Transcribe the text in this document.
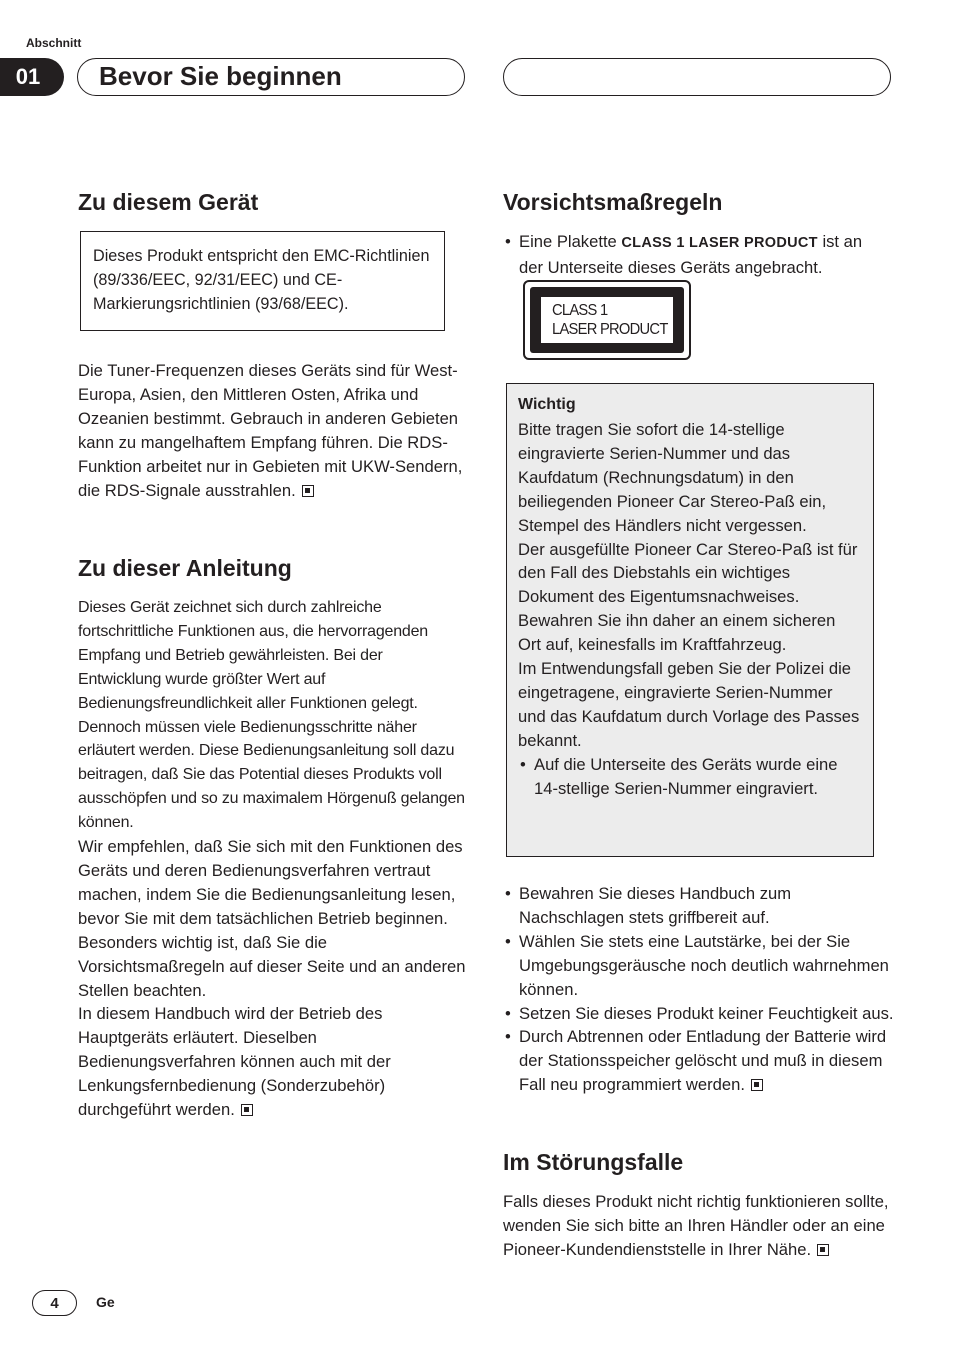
Abschnitt
01	Bevor Sie beginnen
Zu diesem Gerät

Dieses Produkt entspricht den EMC-Richtlinien (89/336/EEC, 92/31/EEC) und CE-Markierungsrichtlinien (93/68/EEC).

Die Tuner-Frequenzen dieses Geräts sind für West-Europa, Asien, den Mittleren Osten, Afrika und Ozeanien bestimmt. Gebrauch in anderen Gebieten kann zu mangelhaftem Empfang führen. Die RDS-Funktion arbeitet nur in Gebieten mit UKW-Sendern, die RDS-Signale ausstrahlen.

Zu dieser Anleitung

Dieses Gerät zeichnet sich durch zahlreiche fortschrittliche Funktionen aus, die hervorragenden Empfang und Betrieb gewährleisten. Bei der Entwicklung wurde größter Wert auf Bedienungsfreundlichkeit aller Funktionen gelegt. Dennoch müssen viele Bedienungsschritte näher erläutert werden. Diese Bedienungsanleitung soll dazu beitragen, daß Sie das Potential dieses Produkts voll ausschöpfen und so zu maximalem Hörgenuß gelangen können.

Wir empfehlen, daß Sie sich mit den Funktionen des Geräts und deren Bedienungsverfahren vertraut machen, indem Sie die Bedienungsanleitung lesen, bevor Sie mit dem tatsächlichen Betrieb beginnen. Besonders wichtig ist, daß Sie die Vorsichtsmaßregeln auf dieser Seite und an anderen Stellen beachten.

In diesem Handbuch wird der Betrieb des Hauptgeräts erläutert. Dieselben Bedienungsverfahren können auch mit der Lenkungsfernbedienung (Sonderzubehör) durchgeführt werden.

Vorsichtsmaßregeln
• Eine Plakette CLASS 1 LASER PRODUCT ist an der Unterseite dieses Geräts angebracht.
CLASS 1
LASER PRODUCT
Wichtig

Bitte tragen Sie sofort die 14-stellige eingravierte Serien-Nummer und das Kaufdatum (Rechnungsdatum) in den beiliegenden Pioneer Car Stereo-Paß ein, Stempel des Händlers nicht vergessen.

Der ausgefüllte Pioneer Car Stereo-Paß ist für den Fall des Diebstahls ein wichtiges Dokument des Eigentumsnachweises. Bewahren Sie ihn daher an einem sicheren Ort auf, keinesfalls im Kraftfahrzeug.

Im Entwendungsfall geben Sie der Polizei die eingetragene, eingravierte Serien-Nummer und das Kaufdatum durch Vorlage des Passes bekannt.

• Auf die Unterseite des Geräts wurde eine 14-stellige Serien-Nummer eingraviert.
• Bewahren Sie dieses Handbuch zum Nachschlagen stets griffbereit auf.
• Wählen Sie stets eine Lautstärke, bei der Sie Umgebungsgeräusche noch deutlich wahrnehmen können.
• Setzen Sie dieses Produkt keiner Feuchtigkeit aus.
• Durch Abtrennen oder Entladung der Batterie wird der Stationsspeicher gelöscht und muß in diesem Fall neu programmiert werden.
Im Störungsfalle

Falls dieses Produkt nicht richtig funktionieren sollte, wenden Sie sich bitte an Ihren Händler oder an eine Pioneer-Kundendienststelle in Ihrer Nähe.

4	Ge
